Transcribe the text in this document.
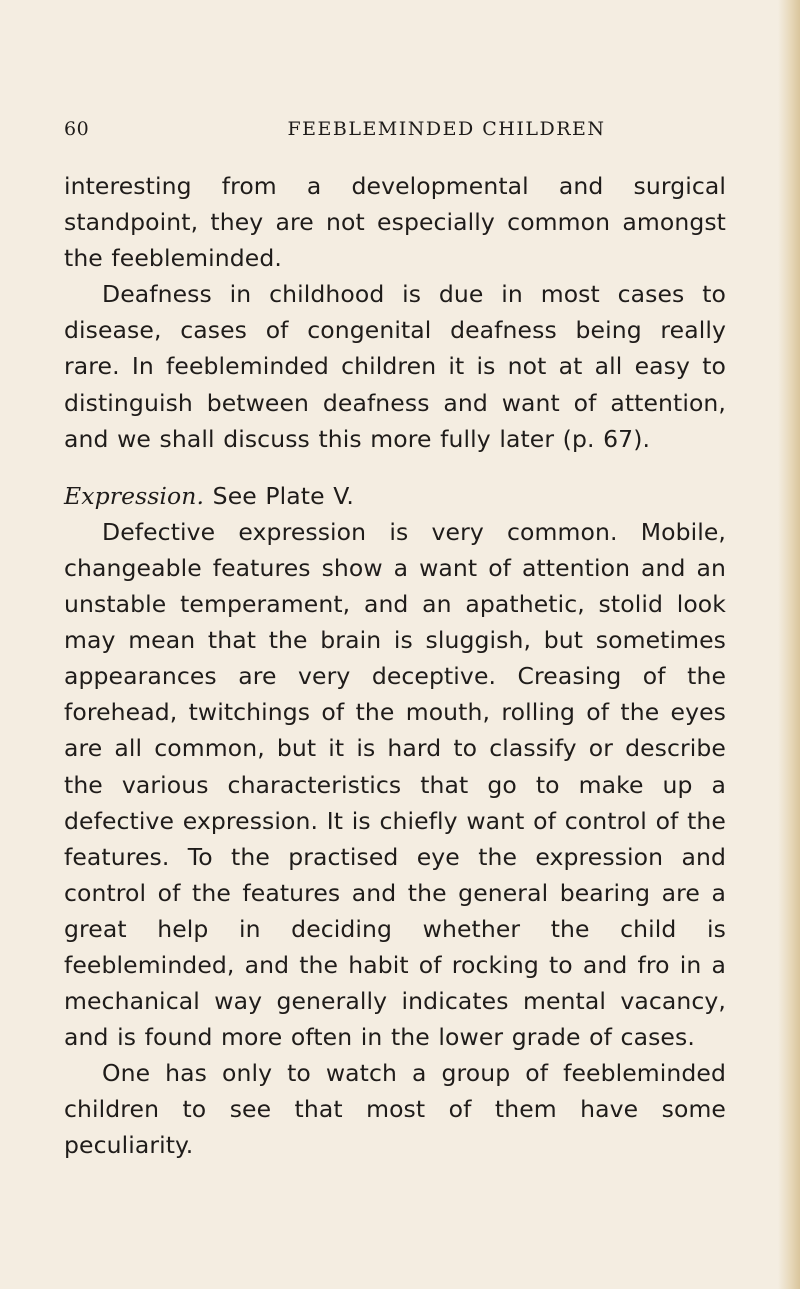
60	FEEBLEMINDED CHILDREN

interesting from a developmental and surgical standpoint, they are not especially common amongst the feebleminded.

Deafness in childhood is due in most cases to disease, cases of congenital deafness being really rare. In feebleminded children it is not at all easy to distinguish between deafness and want of attention, and we shall discuss this more fully later (p. 67).

Expression. See Plate V.

Defective expression is very common. Mobile, changeable features show a want of attention and an unstable temperament, and an apathetic, stolid look may mean that the brain is sluggish, but sometimes appearances are very deceptive. Creasing of the forehead, twitchings of the mouth, rolling of the eyes are all common, but it is hard to classify or describe the various characteristics that go to make up a defective expression. It is chiefly want of control of the features. To the practised eye the expression and control of the features and the general bearing are a great help in deciding whether the child is feebleminded, and the habit of rocking to and fro in a mechanical way generally indicates mental vacancy, and is found more often in the lower grade of cases.

One has only to watch a group of feebleminded children to see that most of them have some peculiarity.
